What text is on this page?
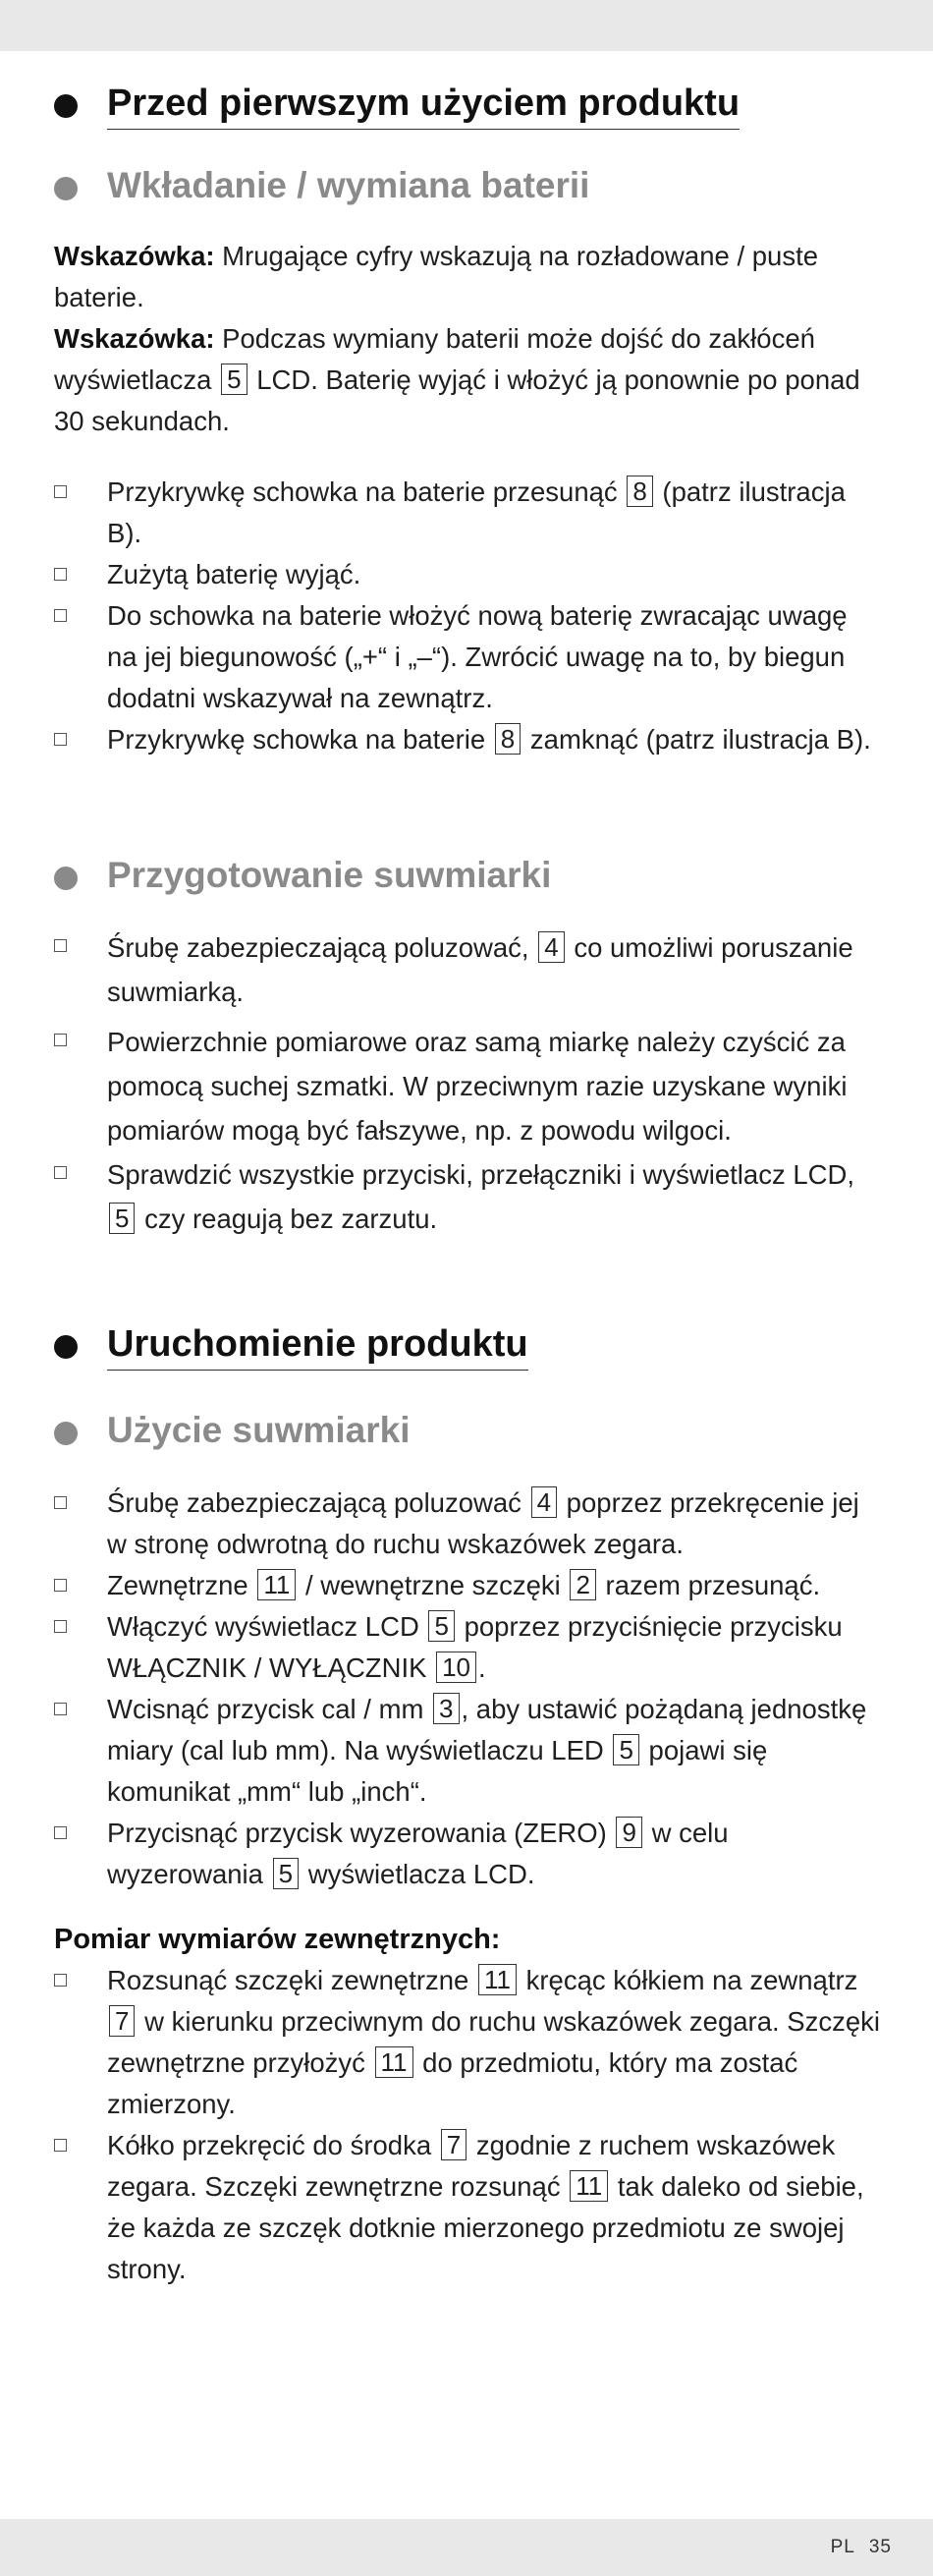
Przed pierwszym użyciem produktu
Wkładanie / wymiana baterii

Wskazówka: Mrugające cyfry wskazują na rozładowane / puste baterie.

Wskazówka: Podczas wymiany baterii może dojść do zakłóceń wyświetlacza 5 LCD. Baterię wyjąć i włożyć ją ponownie po ponad 30 sekundach.

Przykrywkę schowka na baterie przesunąć 8 (patrz ilustracja B).
Zużytą baterię wyjąć.
Do schowka na baterie włożyć nową baterię zwracając uwagę na jej biegunowość („+“ i „–“). Zwrócić uwagę na to, by biegun dodatni wskazywał na zewnątrz.
Przykrywkę schowka na baterie 8 zamknąć (patrz ilustracja B).
Przygotowanie suwmiarki
Śrubę zabezpieczającą poluzować, 4 co umożliwi poruszanie suwmiarką.
Powierzchnie pomiarowe oraz samą miarkę należy czyścić za pomocą suchej szmatki. W przeciwnym razie uzyskane wyniki pomiarów mogą być fałszywe, np. z powodu wilgoci.
Sprawdzić wszystkie przyciski, przełączniki i wyświetlacz LCD, 5 czy reagują bez zarzutu.
Uruchomienie produktu
Użycie suwmiarki
Śrubę zabezpieczającą poluzować 4 poprzez przekręcenie jej w stronę odwrotną do ruchu wskazówek zegara.
Zewnętrzne 11 / wewnętrzne szczęki 2 razem przesunąć.
Włączyć wyświetlacz LCD 5 poprzez przyciśnięcie przycisku WŁĄCZNIK / WYŁĄCZNIK 10 .
Wcisnąć przycisk cal / mm 3 , aby ustawić pożądaną jednostkę miary (cal lub mm). Na wyświetlaczu LED 5 pojawi się komunikat „mm“ lub „inch“.
Przycisnąć przycisk wyzerowania (ZERO) 9 w celu wyzerowania 5 wyświetlacza LCD.

Pomiar wymiarów zewnętrznych:

Rozsunąć szczęki zewnętrzne 11 kręcąc kółkiem na zewnątrz 7 w kierunku przeciwnym do ruchu wskazówek zegara. Szczęki zewnętrzne przyłożyć 11 do przedmiotu, który ma zostać zmierzony.
Kółko przekręcić do środka 7 zgodnie z ruchem wskazówek zegara. Szczęki zewnętrzne rozsunąć 11 tak daleko od siebie, że każda ze szczęk dotknie mierzonego przedmiotu ze swojej strony.
PL 35
